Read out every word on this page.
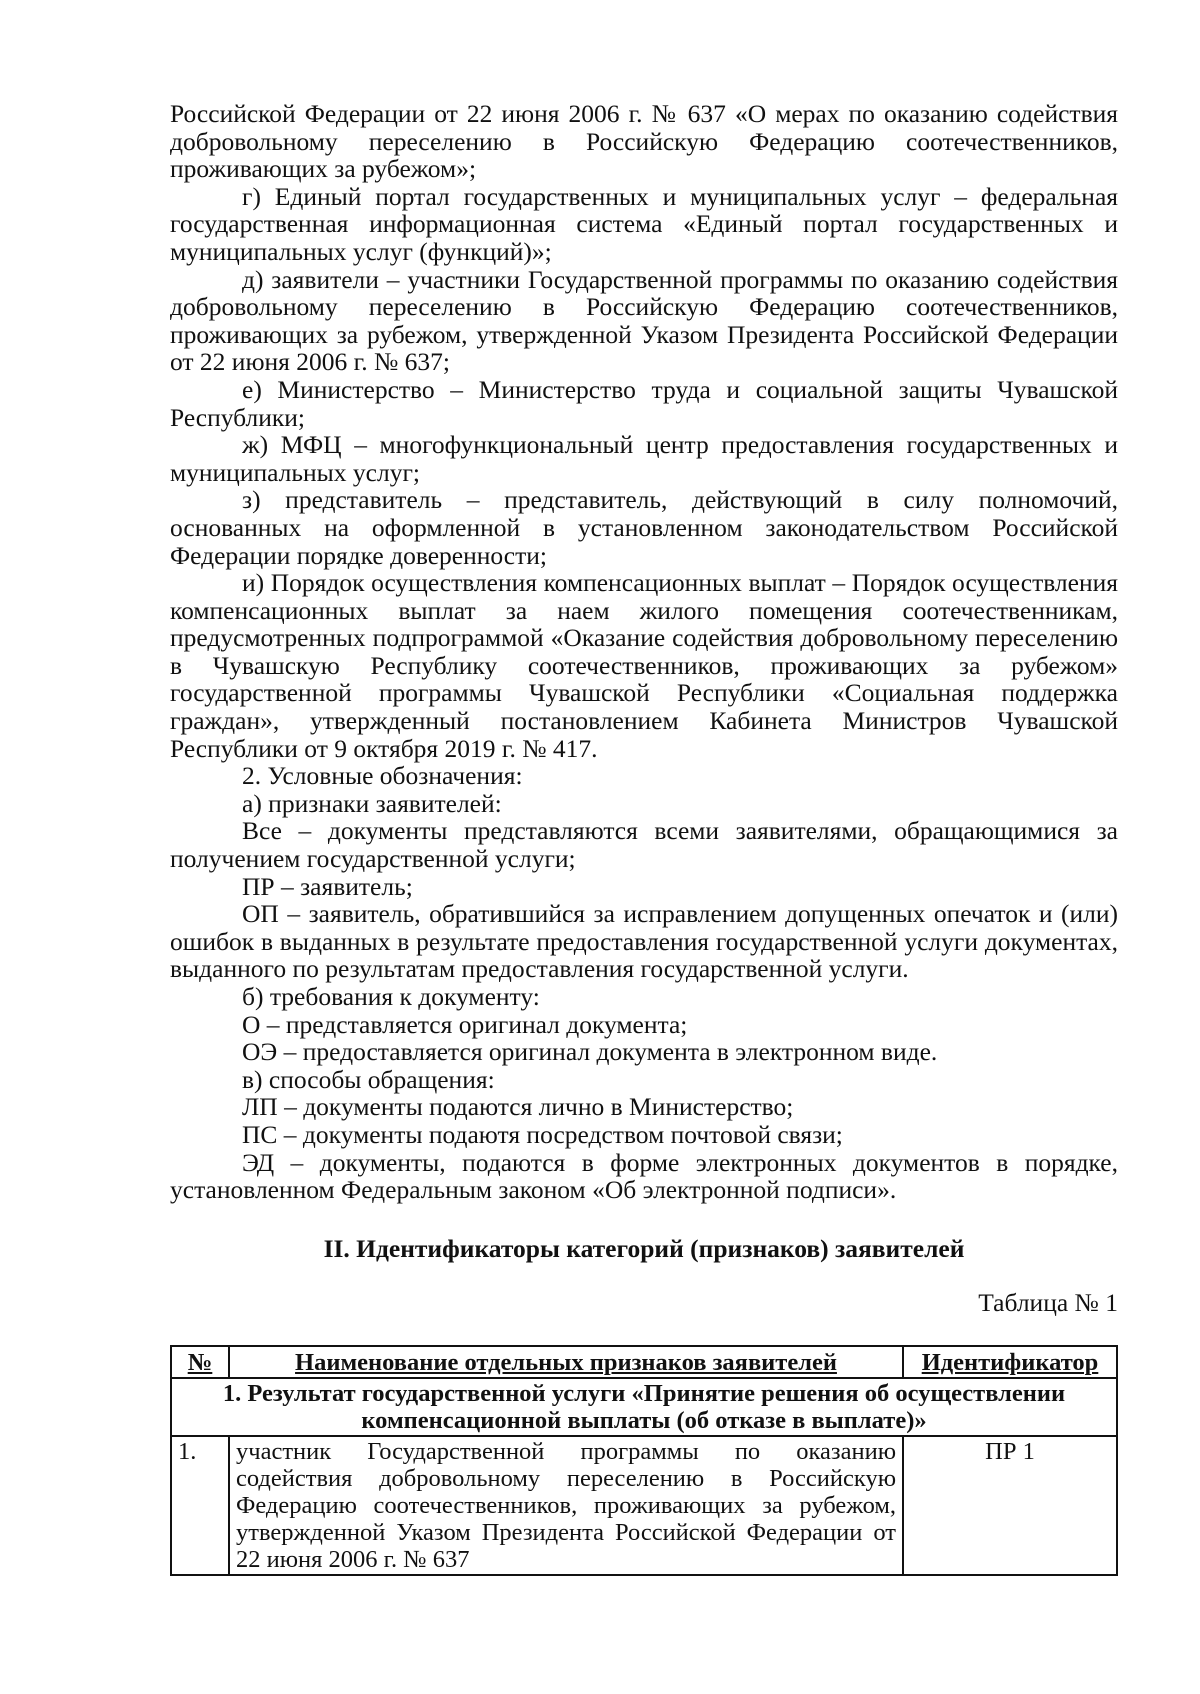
Российской Федерации от 22 июня 2006 г. № 637 «О мерах по оказанию содействия добровольному переселению в Российскую Федерацию соотечественников, проживающих за рубежом»;

г) Единый портал государственных и муниципальных услуг – федеральная государственная информационная система «Единый портал государственных и муниципальных услуг (функций)»;

д) заявители – участники Государственной программы по оказанию содействия добровольному переселению в Российскую Федерацию соотечественников, проживающих за рубежом, утвержденной Указом Президента Российской Федерации от 22 июня 2006 г. № 637;

е) Министерство – Министерство труда и социальной защиты Чувашской Республики;

ж) МФЦ – многофункциональный центр предоставления государственных и муниципальных услуг;

з) представитель – представитель, действующий в силу полномочий, основанных на оформленной в установленном законодательством Российской Федерации порядке доверенности;

и) Порядок осуществления компенсационных выплат – Порядок осуществления компенсационных выплат за наем жилого помещения соотечественникам, предусмотренных подпрограммой «Оказание содействия добровольному переселению в Чувашскую Республику соотечественников, проживающих за рубежом» государственной программы Чувашской Республики «Социальная поддержка граждан», утвержденный постановлением Кабинета Министров Чувашской Республики от 9 октября 2019 г. № 417.

2. Условные обозначения:

а) признаки заявителей:

Все – документы представляются всеми заявителями, обращающимися за получением государственной услуги;

ПР – заявитель;

ОП – заявитель, обратившийся за исправлением допущенных опечаток и (или) ошибок в выданных в результате предоставления государственной услуги документах, выданного по результатам предоставления государственной услуги.

б) требования к документу:

О – представляется оригинал документа;

ОЭ – предоставляется оригинал документа в электронном виде.

в) способы обращения:

ЛП – документы подаются лично в Министерство;

ПС – документы подаютя посредством почтовой связи;

ЭД – документы, подаются в форме электронных документов в порядке, установленном Федеральным законом «Об электронной подписи».

II. Идентификаторы категорий (признаков) заявителей
Таблица № 1
№	Наименование отдельных признаков заявителей	Идентификатор
1. Результат государственной услуги «Принятие решения об осуществлении компенсационной выплаты (об отказе в выплате)»		
1.	участник Государственной программы по оказанию содействия добровольному переселению в Российскую Федерацию соотечественников, проживающих за рубежом, утвержденной Указом Президента Российской Федерации от 22 июня 2006 г. № 637	ПР 1
